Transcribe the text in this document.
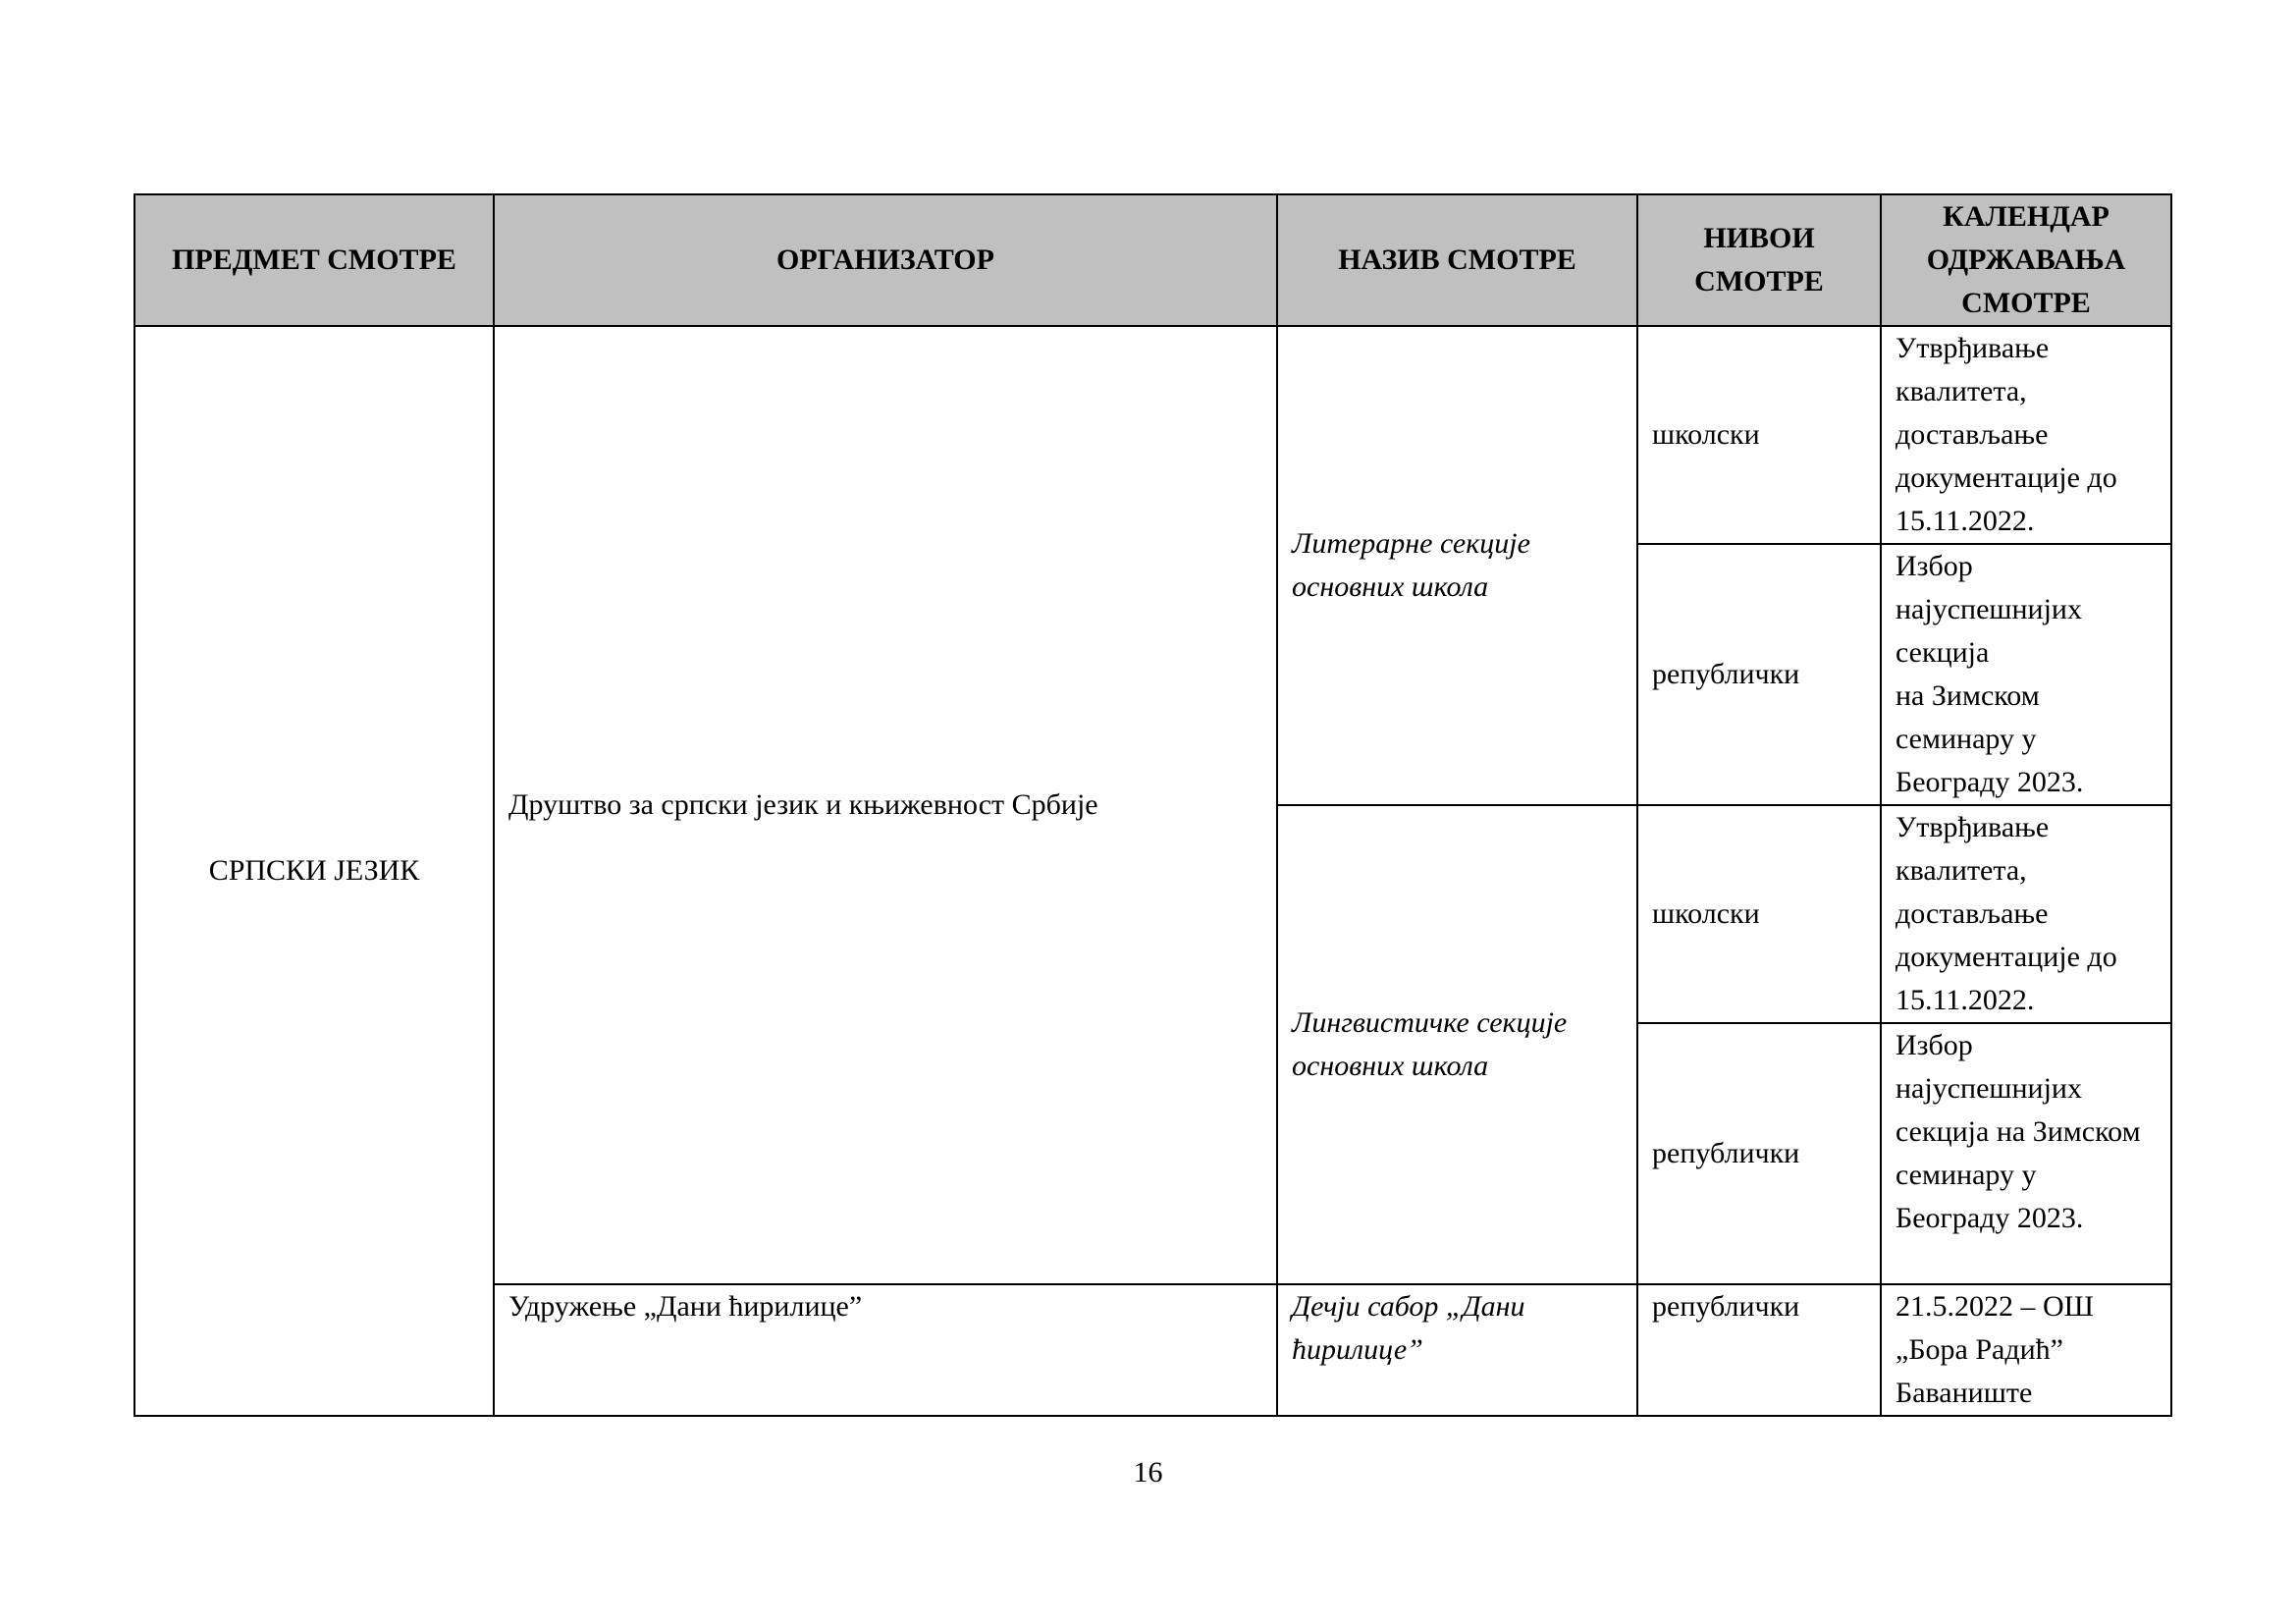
ПРЕДМЕТ СМОТРЕ	ОРГАНИЗАТОР	НАЗИВ СМОТРЕ	НИВОИ СМОТРЕ	КАЛЕНДАР ОДРЖАВАЊА СМОТРЕ
СРПСКИ ЈЕЗИК	Друштво за српски језик и књижевност Србије	Литерарне секције основних школа	школски	Утврђивање квалитета, достављање документације до 15.11.2022.
			републички	Избор најуспешнијих секција
на Зимском семинару у Београду 2023.
		Лингвистичке секције основних школа	школски	Утврђивање квалитета, достављање документације до 15.11.2022.
			републички	Избор најуспешнијих секција на Зимском семинару у Београду 2023.
	Удружење „Дани ћирилице”	Дечји сабор „Дани ћирилице”	републички	21.5.2022 – ОШ „Бора Радић” Баваниште
16
